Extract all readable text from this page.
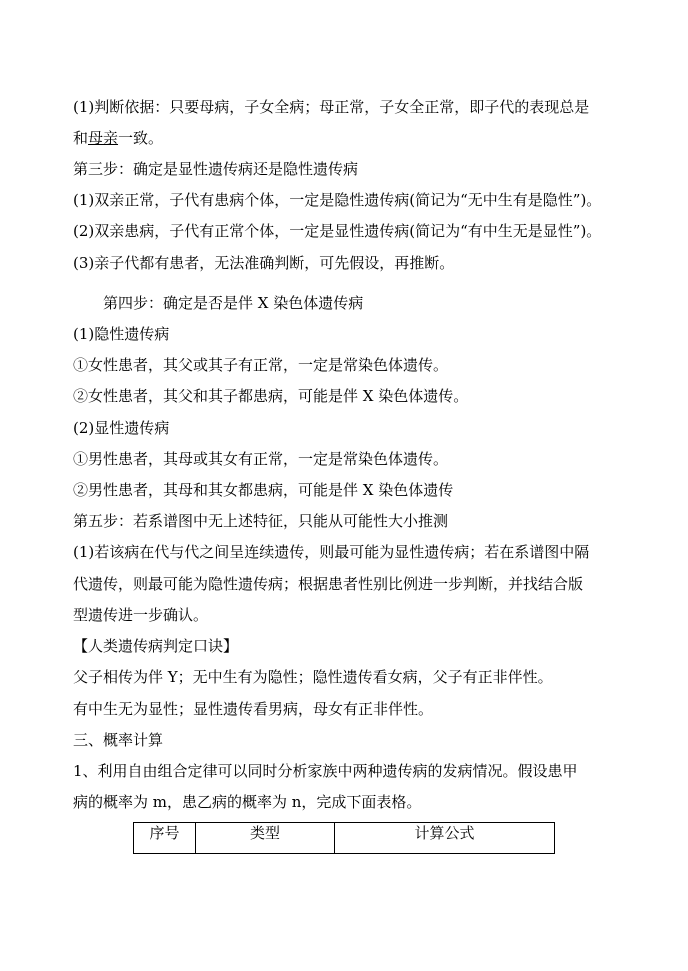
(1)判断依据：只要母病，子女全病；母正常，子女全正常，即子代的表现总是
和母亲一致。
第三步：确定是显性遗传病还是隐性遗传病
(1)双亲正常，子代有患病个体，一定是隐性遗传病(简记为“无中生有是隐性”)。
(2)双亲患病，子代有正常个体，一定是显性遗传病(简记为“有中生无是显性”)。
(3)亲子代都有患者，无法准确判断，可先假设，再推断。
第四步：确定是否是伴 X 染色体遗传病
(1)隐性遗传病
①女性患者，其父或其子有正常，一定是常染色体遗传。
②女性患者，其父和其子都患病，可能是伴 X 染色体遗传。
(2)显性遗传病
①男性患者，其母或其女有正常，一定是常染色体遗传。
②男性患者，其母和其女都患病，可能是伴 X 染色体遗传
第五步：若系谱图中无上述特征，只能从可能性大小推测
(1)若该病在代与代之间呈连续遗传，则最可能为显性遗传病；若在系谱图中隔
代遗传，则最可能为隐性遗传病；根据患者性别比例进一步判断，并找结合版
型遗传进一步确认。
【人类遗传病判定口诀】
父子相传为伴 Y；无中生有为隐性；隐性遗传看女病，父子有正非伴性。
有中生无为显性；显性遗传看男病，母女有正非伴性。
三、概率计算
1、利用自由组合定律可以同时分析家族中两种遗传病的发病情况。假设患甲
病的概率为 m，患乙病的概率为 n，完成下面表格。
序号	类型	计算公式
